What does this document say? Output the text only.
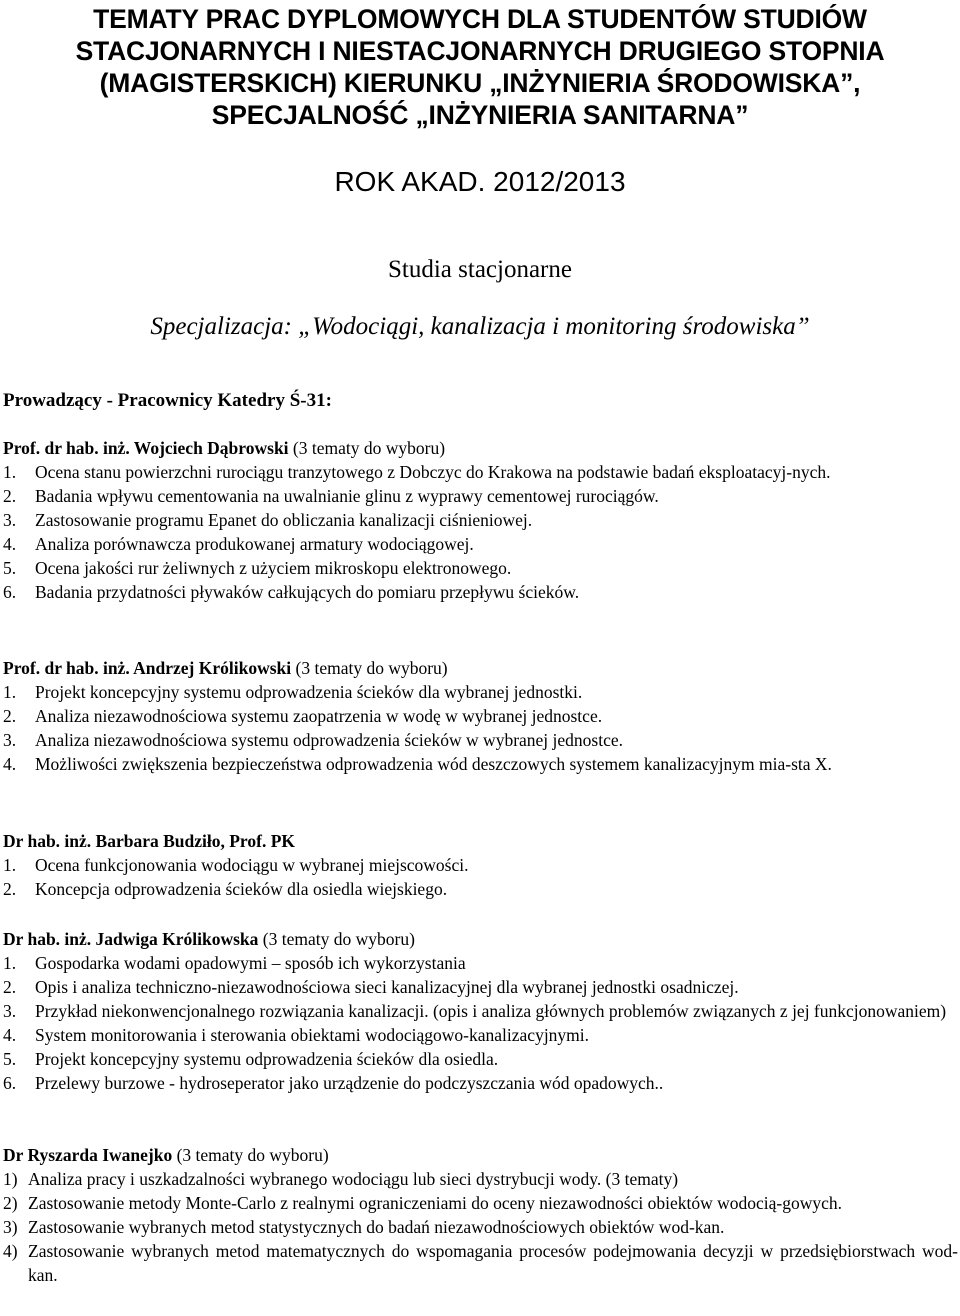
TEMATY PRAC DYPLOMOWYCH DLA STUDENTÓW STUDIÓW
STACJONARNYCH I NIESTACJONARNYCH DRUGIEGO STOPNIA
(MAGISTERSKICH) KIERUNKU „INŻYNIERIA ŚRODOWISKA”,
SPECJALNOŚĆ „INŻYNIERIA SANITARNA”
ROK AKAD. 2012/2013
Studia stacjonarne
Specjalizacja: „Wodociągi, kanalizacja i monitoring środowiska”
Prowadzący - Pracownicy Katedry Ś-31:
Prof. dr hab. inż. Wojciech Dąbrowski (3 tematy do wyboru)
1. Ocena stanu powierzchni rurociągu tranzytowego z Dobczyc do Krakowa na podstawie badań eksploatacyj-nych.
2. Badania wpływu cementowania na uwalnianie glinu z wyprawy cementowej rurociągów.
3. Zastosowanie programu Epanet do obliczania kanalizacji ciśnieniowej.
4. Analiza porównawcza produkowanej armatury wodociągowej.
5. Ocena jakości rur żeliwnych z użyciem mikroskopu elektronowego.
6. Badania przydatności pływaków całkujących do pomiaru przepływu ścieków.
Prof. dr hab. inż. Andrzej Królikowski (3 tematy do wyboru)
1. Projekt koncepcyjny systemu odprowadzenia ścieków dla wybranej jednostki.
2. Analiza niezawodnościowa systemu zaopatrzenia w wodę w wybranej jednostce.
3. Analiza niezawodnościowa systemu odprowadzenia ścieków w wybranej jednostce.
4. Możliwości zwiększenia bezpieczeństwa odprowadzenia wód deszczowych systemem kanalizacyjnym mia-sta X.
Dr hab. inż. Barbara Budziło, Prof. PK
1. Ocena funkcjonowania wodociągu w wybranej miejscowości.
2. Koncepcja odprowadzenia ścieków dla osiedla wiejskiego.
Dr hab. inż. Jadwiga Królikowska (3 tematy do wyboru)
1. Gospodarka wodami opadowymi – sposób ich wykorzystania
2. Opis i analiza techniczno-niezawodnościowa sieci kanalizacyjnej dla wybranej jednostki osadniczej.
3. Przykład niekonwencjonalnego rozwiązania kanalizacji. (opis i analiza głównych problemów związanych z jej funkcjonowaniem)
4. System monitorowania i sterowania obiektami wodociągowo-kanalizacyjnymi.
5. Projekt koncepcyjny systemu odprowadzenia ścieków dla osiedla.
6. Przelewy burzowe - hydroseperator jako urządzenie do podczyszczania wód opadowych..
Dr Ryszarda Iwanejko (3 tematy do wyboru)
1) Analiza pracy i uszkadzalności wybranego wodociągu lub sieci dystrybucji wody. (3 tematy)
2) Zastosowanie metody Monte-Carlo z realnymi ograniczeniami do oceny niezawodności obiektów wodocią-gowych.
3) Zastosowanie wybranych metod statystycznych do badań niezawodnościowych obiektów wod-kan.
4) Zastosowanie wybranych metod matematycznych do wspomagania procesów podejmowania decyzji w przedsiębiorstwach wod-kan.
